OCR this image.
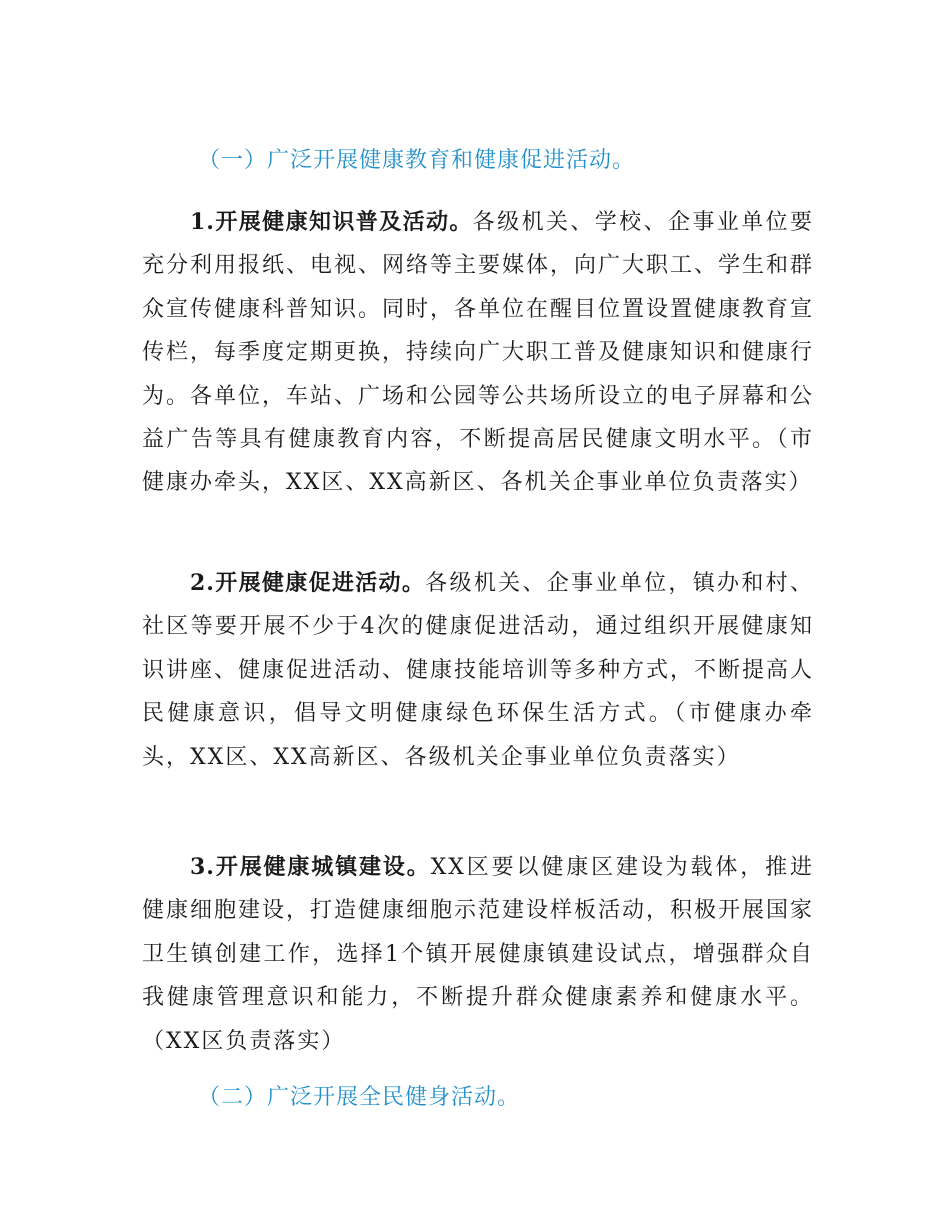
（一）广泛开展健康教育和健康促进活动。
1.开展健康知识普及活动。各级机关、学校、企事业单位要充分利用报纸、电视、网络等主要媒体，向广大职工、学生和群众宣传健康科普知识。同时，各单位在醒目位置设置健康教育宣传栏，每季度定期更换，持续向广大职工普及健康知识和健康行为。各单位，车站、广场和公园等公共场所设立的电子屏幕和公益广告等具有健康教育内容，不断提高居民健康文明水平。（市健康办牵头，XX区、XX高新区、各机关企事业单位负责落实）
2.开展健康促进活动。各级机关、企事业单位，镇办和村、社区等要开展不少于4次的健康促进活动，通过组织开展健康知识讲座、健康促进活动、健康技能培训等多种方式，不断提高人民健康意识，倡导文明健康绿色环保生活方式。（市健康办牵头，XX区、XX高新区、各级机关企事业单位负责落实）
3.开展健康城镇建设。XX区要以健康区建设为载体，推进健康细胞建设，打造健康细胞示范建设样板活动，积极开展国家卫生镇创建工作，选择1个镇开展健康镇建设试点，增强群众自我健康管理意识和能力，不断提升群众健康素养和健康水平。（XX区负责落实）
（二）广泛开展全民健身活动。
